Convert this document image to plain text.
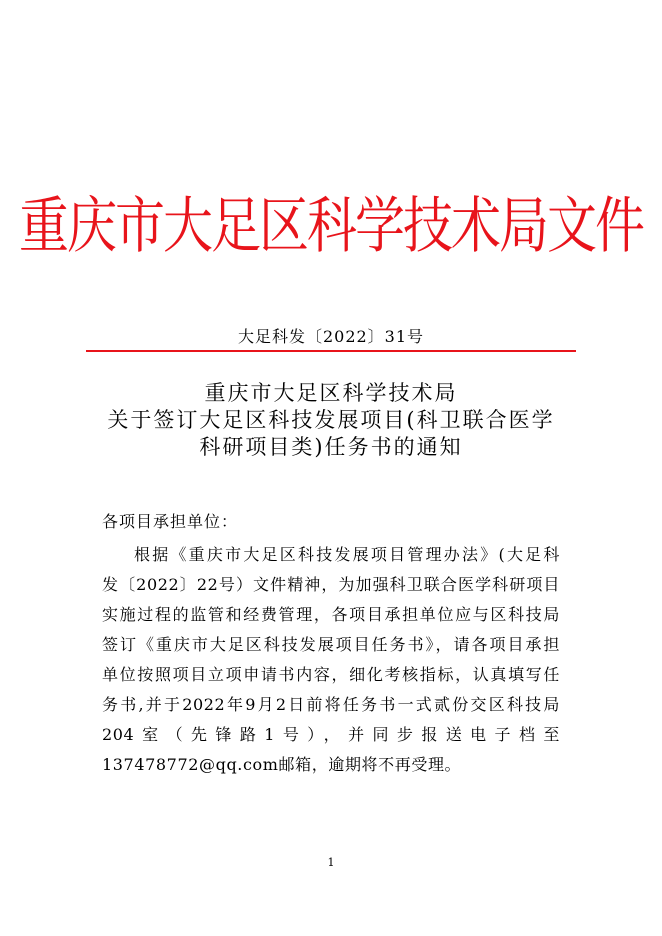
重庆市大足区科学技术局文件
大足科发〔2022〕31号
重庆市大足区科学技术局
关于签订大足区科技发展项目(科卫联合医学
科研项目类)任务书的通知
各项目承担单位：
根据《重庆市大足区科技发展项目管理办法》(大足科
发〔2022〕22号）文件精神，为加强科卫联合医学科研项目
实施过程的监管和经费管理，各项目承担单位应与区科技局
签订《重庆市大足区科技发展项目任务书》，请各项目承担
单位按照项目立项申请书内容，细化考核指标，认真填写任
务书,并于2022年9月2日前将任务书一式贰份交区科技局
204室（先锋路1号），并同步报送电子档至
137478772@qq.com邮箱，逾期将不再受理。
1
